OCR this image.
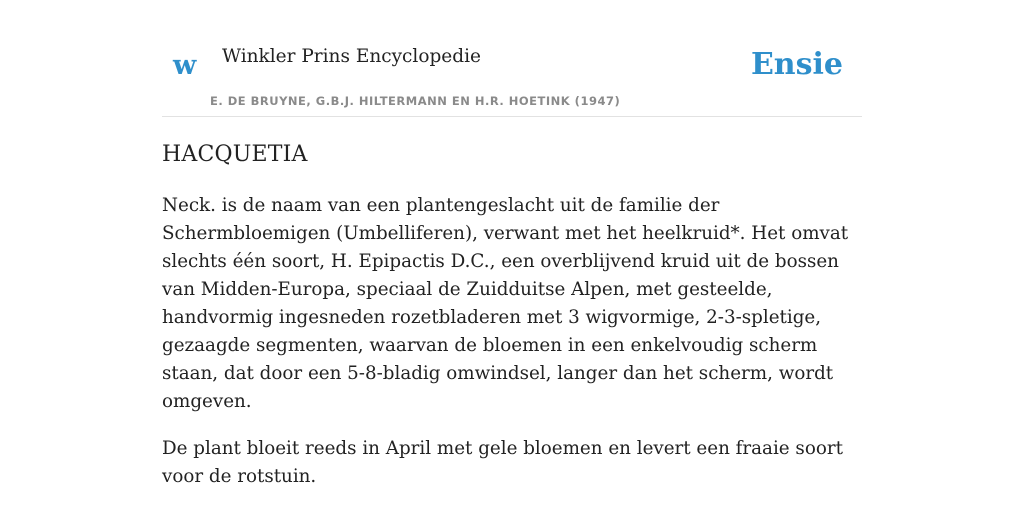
w Winkler Prins Encyclopedie
E. DE BRUYNE, G.B.J. HILTERMANN EN H.R. HOETINK (1947)
Ensie
HACQUETIA

Neck. is de naam van een plantengeslacht uit de familie der Schermbloemigen (Umbelliferen), verwant met het heelkruid*. Het omvat slechts één soort, H. Epipactis D.C., een overblijvend kruid uit de bossen van Midden-Europa, speciaal de Zuidduitse Alpen, met gesteelde, handvormig ingesneden rozetbladeren met 3 wigvormige, 2-3-spletige, gezaagde segmenten, waarvan de bloemen in een enkelvoudig scherm staan, dat door een 5-8-bladig omwindsel, langer dan het scherm, wordt omgeven.

De plant bloeit reeds in April met gele bloemen en levert een fraaie soort voor de rotstuin.
